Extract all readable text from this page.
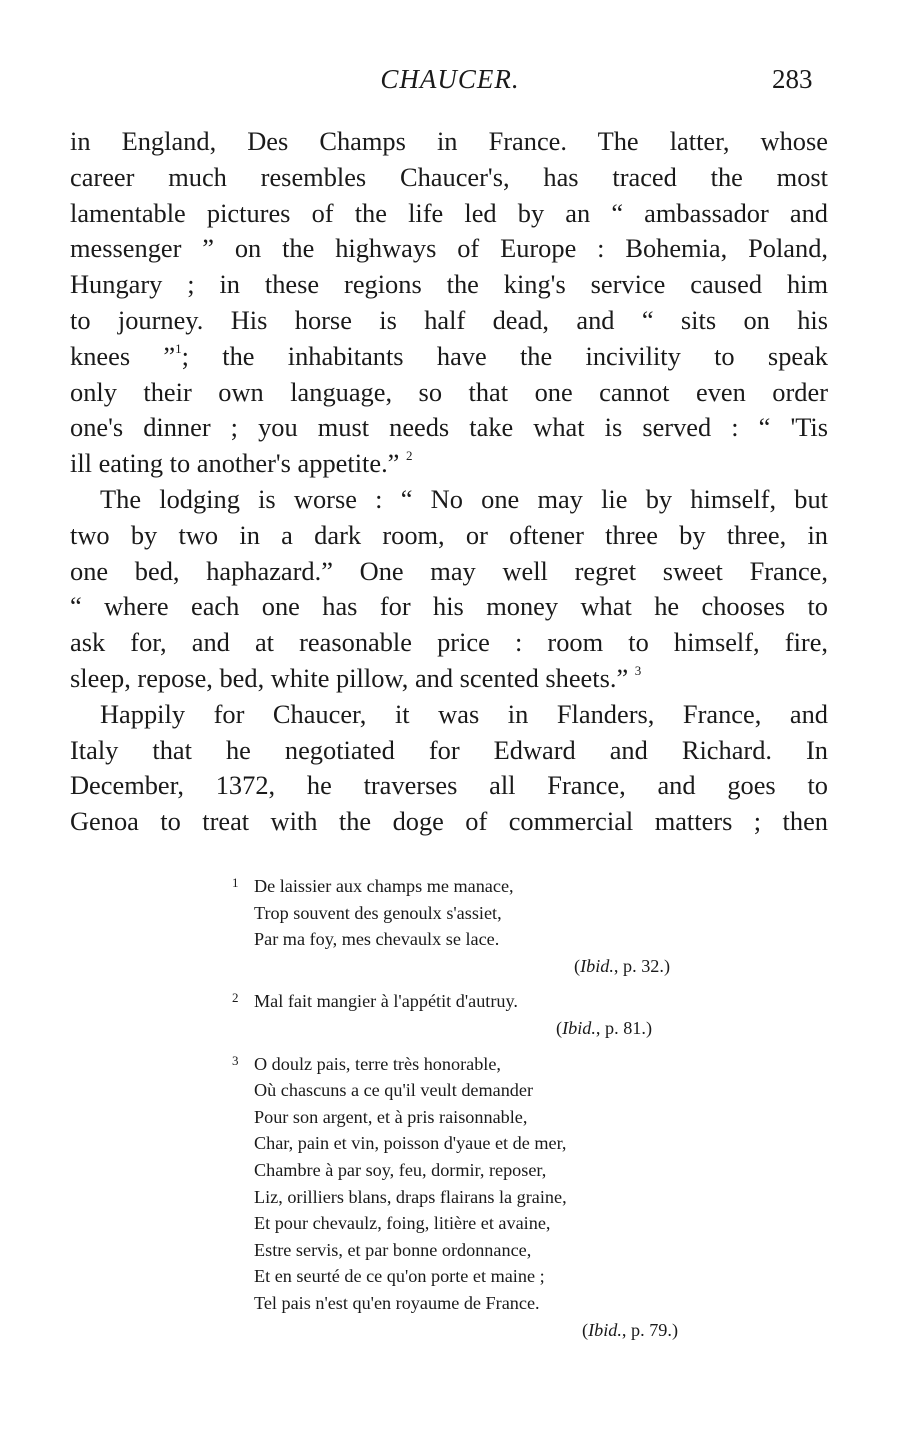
CHAUCER.	283
in England, Des Champs in France. The latter, whose
career much resembles Chaucer's, has traced the most
lamentable pictures of the life led by an “ ambassador and
messenger ” on the highways of Europe : Bohemia, Poland,
Hungary ; in these regions the king's service caused him
to journey. His horse is half dead, and “ sits on his
knees ”$^1$; the inhabitants have the incivility to speak
only their own language, so that one cannot even order
one's dinner ; you must needs take what is served : “ 'Tis
ill eating to another's appetite.” $^2$
The lodging is worse : “ No one may lie by himself, but
two by two in a dark room, or oftener three by three, in
one bed, haphazard.” One may well regret sweet France,
“ where each one has for his money what he chooses to
ask for, and at reasonable price : room to himself, fire,
sleep, repose, bed, white pillow, and scented sheets.” $^3$
Happily for Chaucer, it was in Flanders, France, and
Italy that he negotiated for Edward and Richard. In
December, 1372, he traverses all France, and goes to
Genoa to treat with the doge of commercial matters ; then
1 De laissier aux champs me manace,
Trop souvent des genoulx s'assiet,
Par ma foy, mes chevaulx se lace.
(Ibid., p. 32.)
2 Mal fait mangier à l'appétit d'autruy.
(Ibid., p. 81.)
3 O doulz pais, terre très honorable,
Où chascuns a ce qu'il veult demander
Pour son argent, et à pris raisonnable,
Char, pain et vin, poisson d'yaue et de mer,
Chambre à par soy, feu, dormir, reposer,
Liz, orilliers blans, draps flairans la graine,
Et pour chevaulz, foing, litière et avaine,
Estre servis, et par bonne ordonnance,
Et en seurté de ce qu'on porte et maine ;
Tel pais n'est qu'en royaume de France.
(Ibid., p. 79.)
